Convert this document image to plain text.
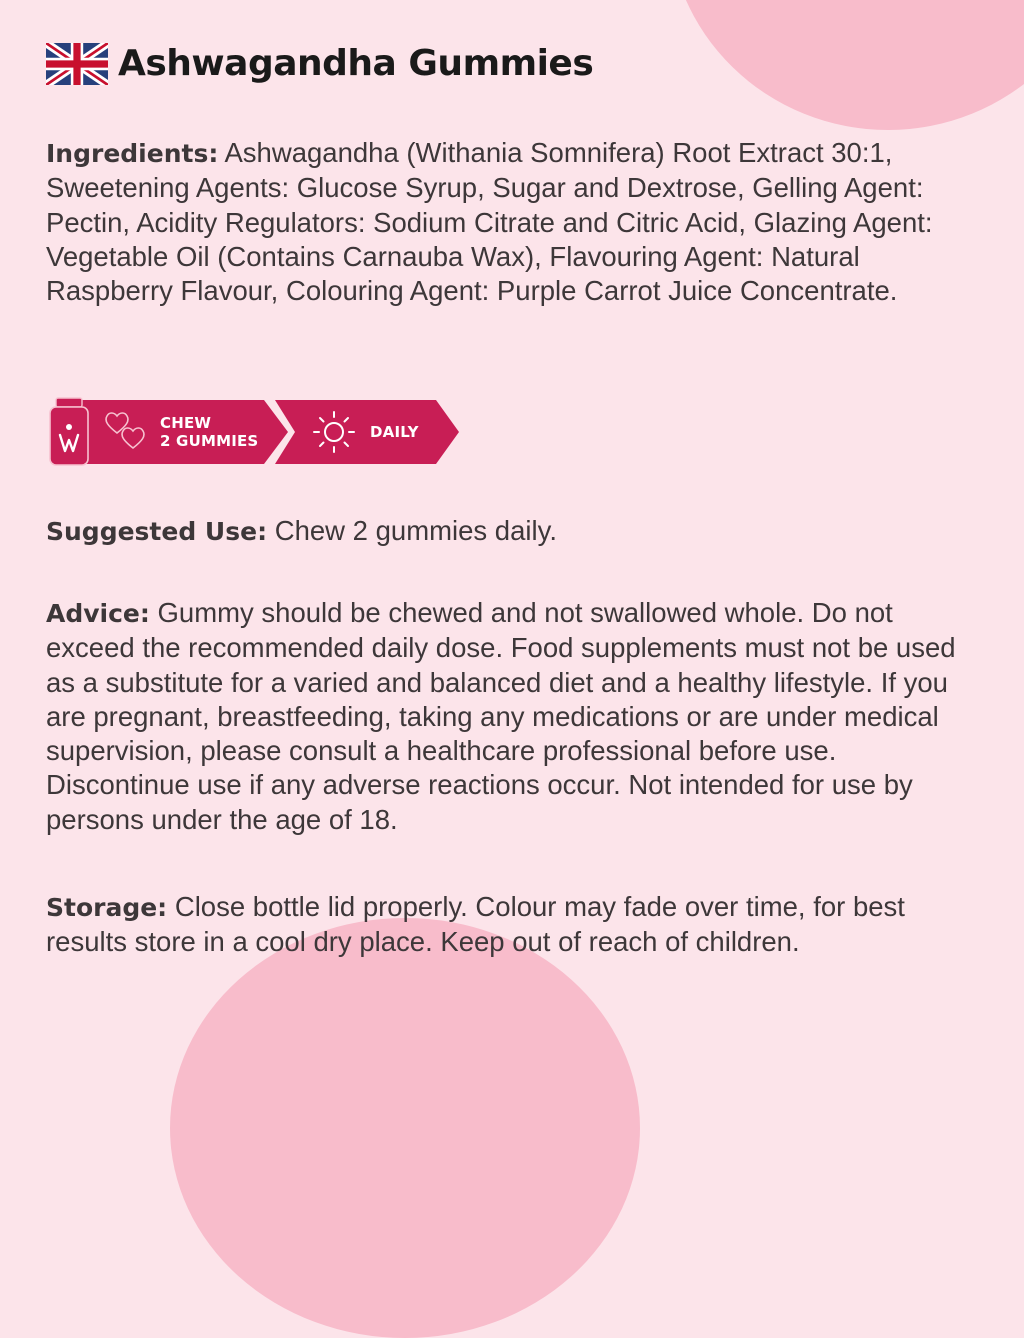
Ashwagandha Gummies

Ingredients: Ashwagandha (Withania Somnifera) Root Extract 30:1, Sweetening Agents: Glucose Syrup, Sugar and Dextrose, Gelling Agent: Pectin, Acidity Regulators: Sodium Citrate and Citric Acid, Glazing Agent: Vegetable Oil (Contains Carnauba Wax), Flavouring Agent: Natural Raspberry Flavour, Colouring Agent: Purple Carrot Juice Concentrate.

CHEW
2 GUMMIES	DAILY

Suggested Use: Chew 2 gummies daily.

Advice: Gummy should be chewed and not swallowed whole. Do not exceed the recommended daily dose. Food supplements must not be used as a substitute for a varied and balanced diet and a healthy lifestyle. If you are pregnant, breastfeeding, taking any medications or are under medical supervision, please consult a healthcare professional before use. Discontinue use if any adverse reactions occur. Not intended for use by persons under the age of 18.

Storage: Close bottle lid properly. Colour may fade over time, for best results store in a cool dry place. Keep out of reach of children.
